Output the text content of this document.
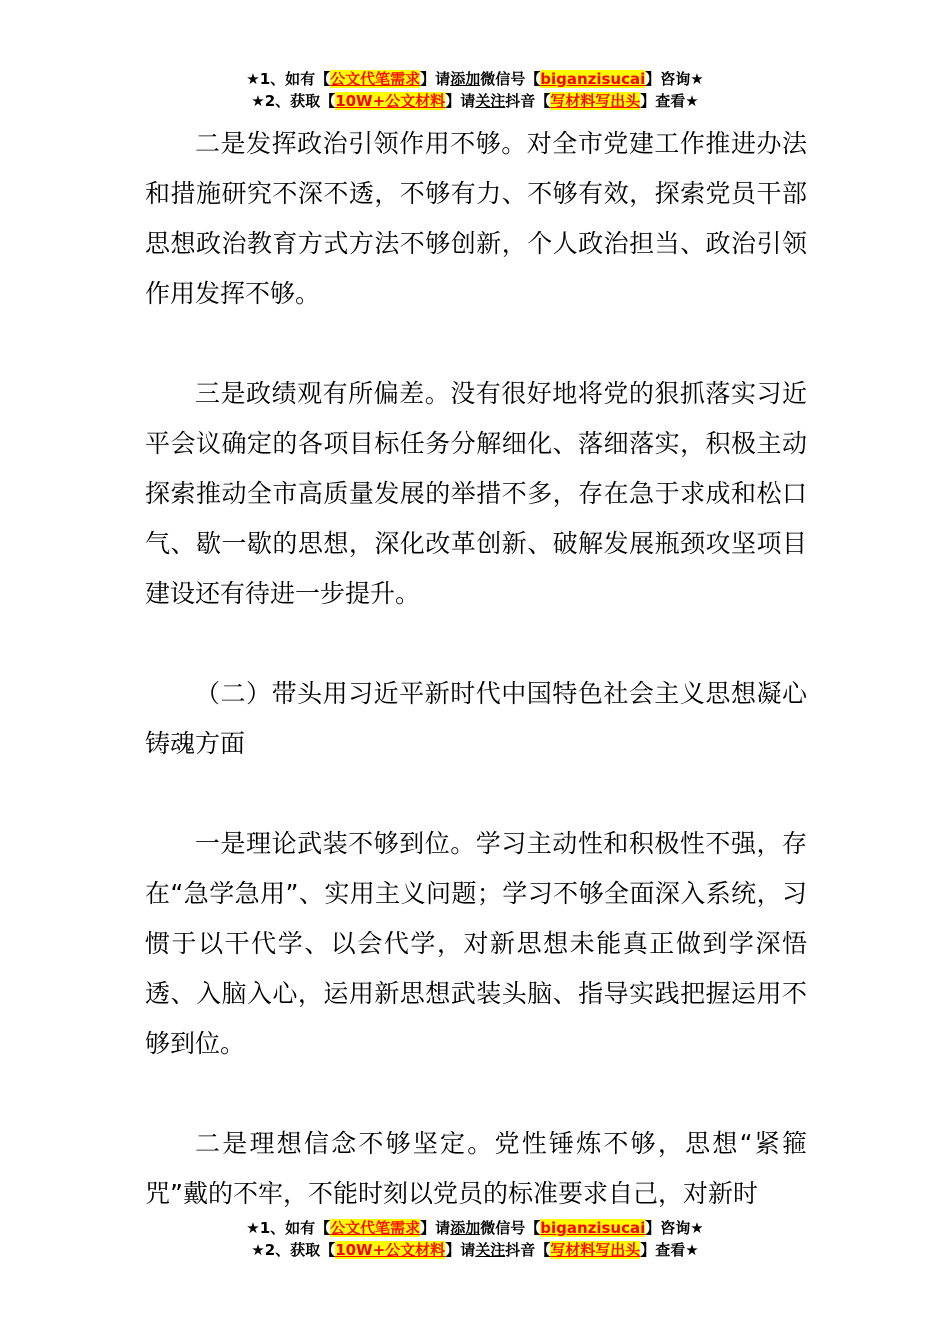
★1、如有【公文代笔需求】请添加微信号【biganzisucai】咨询★
★2、获取【10W+公文材料】请关注抖音【写材料写出头】查看★

二是发挥政治引领作用不够。对全市党建工作推进办法和措施研究不深不透，不够有力、不够有效，探索党员干部思想政治教育方式方法不够创新，个人政治担当、政治引领作用发挥不够。

三是政绩观有所偏差。没有很好地将党的狠抓落实习近平会议确定的各项目标任务分解细化、落细落实，积极主动探索推动全市高质量发展的举措不多，存在急于求成和松口气、歇一歇的思想，深化改革创新、破解发展瓶颈攻坚项目建设还有待进一步提升。

（二）带头用习近平新时代中国特色社会主义思想凝心铸魂方面

一是理论武装不够到位。学习主动性和积极性不强，存在“急学急用”、实用主义问题；学习不够全面深入系统，习惯于以干代学、以会代学，对新思想未能真正做到学深悟透、入脑入心，运用新思想武装头脑、指导实践把握运用不够到位。

二是理想信念不够坚定。党性锤炼不够，思想“紧箍咒”戴的不牢，不能时刻以党员的标准要求自己，对新时

★1、如有【公文代笔需求】请添加微信号【biganzisucai】咨询★
★2、获取【10W+公文材料】请关注抖音【写材料写出头】查看★
